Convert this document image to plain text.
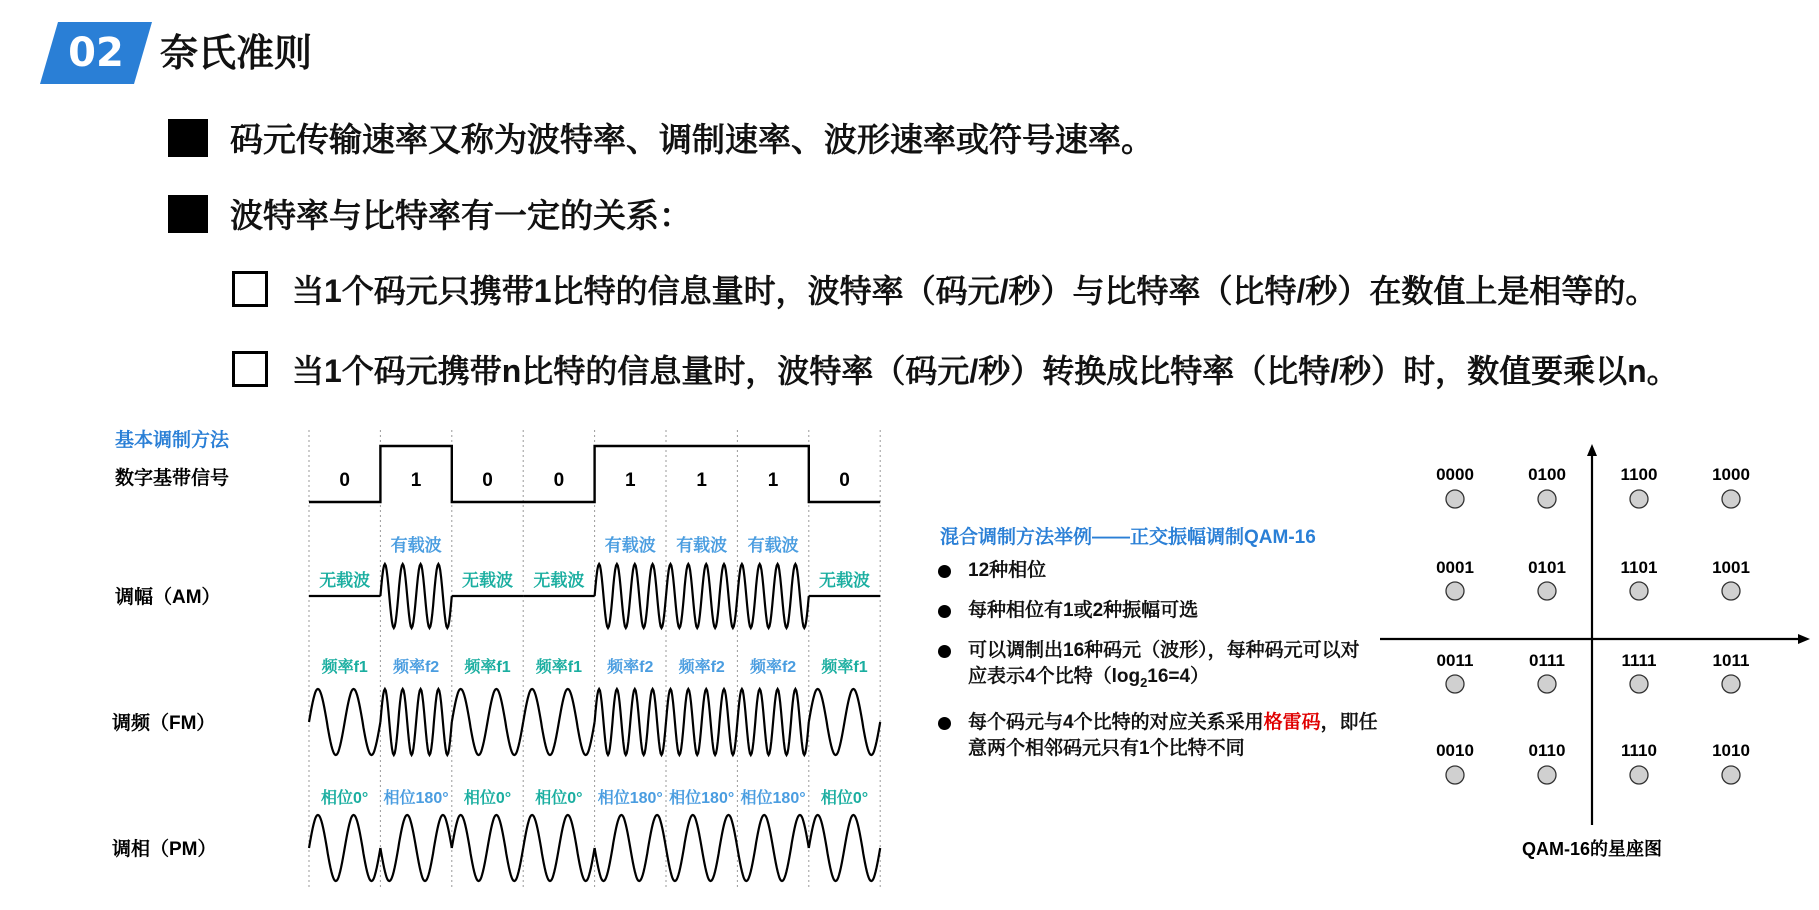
02 奈氏准则
码元传输速率又称为波特率、调制速率、波形速率或符号速率。
波特率与比特率有一定的关系：
当1个码元只携带1比特的信息量时，波特率（码元/秒）与比特率（比特/秒）在数值上是相等的。
当1个码元携带n比特的信息量时，波特率（码元/秒）转换成比特率（比特/秒）时，数值要乘以n。
基本调制方法
数字基带信号
调幅（AM）
调频（FM）
调相（PM）
0	1	0	0	1	1	1	0
无载波
有载波
无载波 无载波
有载波 有载波 有载波
无载波
频率f1 频率f2 频率f1 频率f1 频率f2 频率f2 频率f2 频率f1
相位0° 相位180° 相位0° 相位0° 相位180° 相位180° 相位180° 相位0°
0000	0100	1100	1000
0001	0101	1101	1001
0011	0111	1111	1011
0010	0110	1110	1010
QAM-16的星座图
混合调制方法举例——正交振幅调制QAM-16
12种相位
每种相位有1或2种振幅可选
可以调制出16种码元（波形），每种码元可以对应表示4个比特$(\log_216=4)$
每个码元与4个比特的对应关系采用格雷码，即任意两个相邻码元只有1个比特不同
